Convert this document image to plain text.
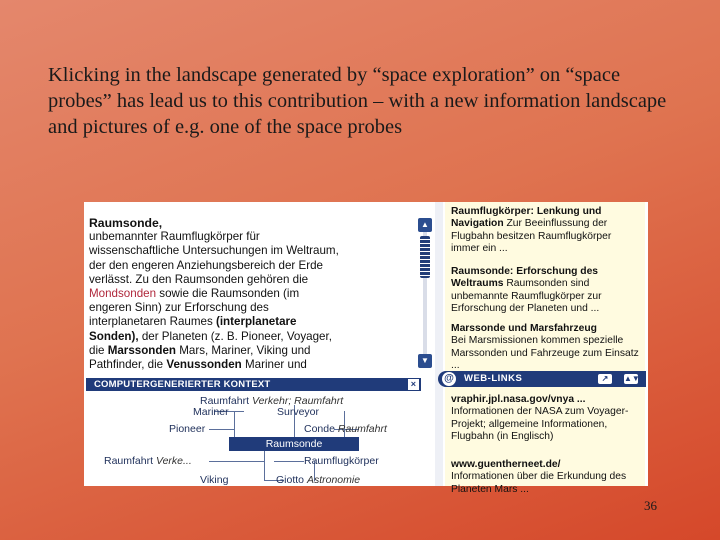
Klicking in the landscape generated by “space exploration” on “space probes” has lead us to this contribution – with a new information landscape and pictures of e.g. one of the space probes

Raumsonde,

unbemannter Raumflugkörper für

wissenschaftliche Untersuchungen im Weltraum,

der den engeren Anziehungsbereich der Erde

verlässt. Zu den Raumsonden gehören die

Mondsonden sowie die Raumsonden (im

engeren Sinn) zur Erforschung des

interplanetaren Raumes (interplanetare

Sonden), der Planeten (z. B. Pioneer, Voyager,

die Marssonden Mars, Mariner, Viking und

Pathfinder, die Venussonden Mariner und

▲
▼
COMPUTERGENERIERTER KONTEXT	×
Raumfahrt Verkehr; Raumfahrt
Mariner	Surveyor
Pioneer	Conde Raumfahrt
Raumsonde
Raumfahrt Verke...	Raumflugkörper
Viking	Giotto Astronomie
Raumflugkörper: Lenkung und
Navigation Zur Beeinflussung der Flugbahn besitzen Raumflugkörper immer ein ...
Raumsonde: Erforschung des
Weltraums Raumsonden sind unbemannte Raumflugkörper zur Erforschung der Planeten und ...
Marssonde und Marsfahrzeug
Bei Marsmissionen kommen spezielle Marssonden und Fahrzeuge zum Einsatz ...
vraphir.jpl.nasa.gov/vnya ...
Informationen der NASA zum Voyager-Projekt; allgemeine Informationen, Flugbahn (in Englisch)
www.guentherneet.de/
Informationen über die Erkundung des Planeten Mars ...
@ WEB-LINKS	↗	▲▼
36
